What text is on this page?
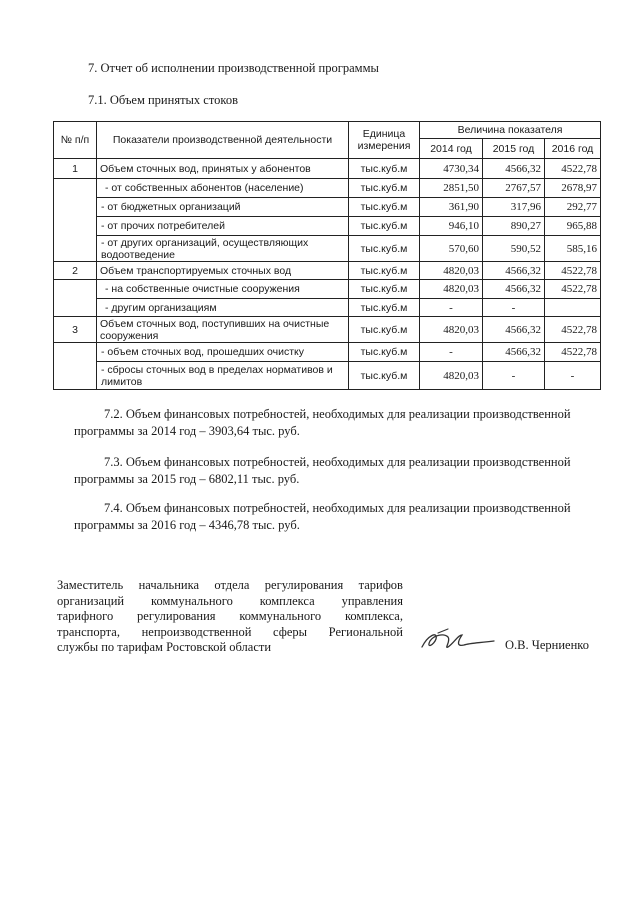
7. Отчет об исполнении производственной программы
7.1. Объем принятых стоков
№ п/п	Показатели производственной деятельности	Единица
измерения	Величина показателя		
			2014 год	2015 год	2016 год
1	Объем сточных вод, принятых у абонентов	тыс.куб.м	4730,34	4566,32	4522,78
	- от собственных абонентов (население)	тыс.куб.м	2851,50	2767,57	2678,97
	- от бюджетных организаций	тыс.куб.м	361,90	317,96	292,77
	- от прочих потребителей	тыс.куб.м	946,10	890,27	965,88
	- от других организаций, осуществляющих водоотведение	тыс.куб.м	570,60	590,52	585,16
2	Объем транспортируемых сточных вод	тыс.куб.м	4820,03	4566,32	4522,78
	- на собственные очистные сооружения	тыс.куб.м	4820,03	4566,32	4522,78
	- другим организациям	тыс.куб.м	-	-	
3	Объем сточных вод, поступивших на очистные сооружения	тыс.куб.м	4820,03	4566,32	4522,78
	- объем сточных вод, прошедших очистку	тыс.куб.м	-	4566,32	4522,78
	- сбросы сточных вод в пределах нормативов и лимитов	тыс.куб.м	4820,03	-	-
7.2. Объем финансовых потребностей, необходимых для реализации производственной
программы за 2014 год – 3903,64 тыс. руб.
7.3. Объем финансовых потребностей, необходимых для реализации производственной
программы за 2015 год – 6802,11 тыс. руб.
7.4. Объем финансовых потребностей, необходимых для реализации производственной
программы за 2016 год – 4346,78 тыс. руб.
Заместитель начальника отдела регулирования тарифов
организаций коммунального комплекса управления
тарифного регулирования коммунального комплекса,
транспорта, непроизводственной сферы Региональной
службы по тарифам Ростовской области	О.В. Черниенко
